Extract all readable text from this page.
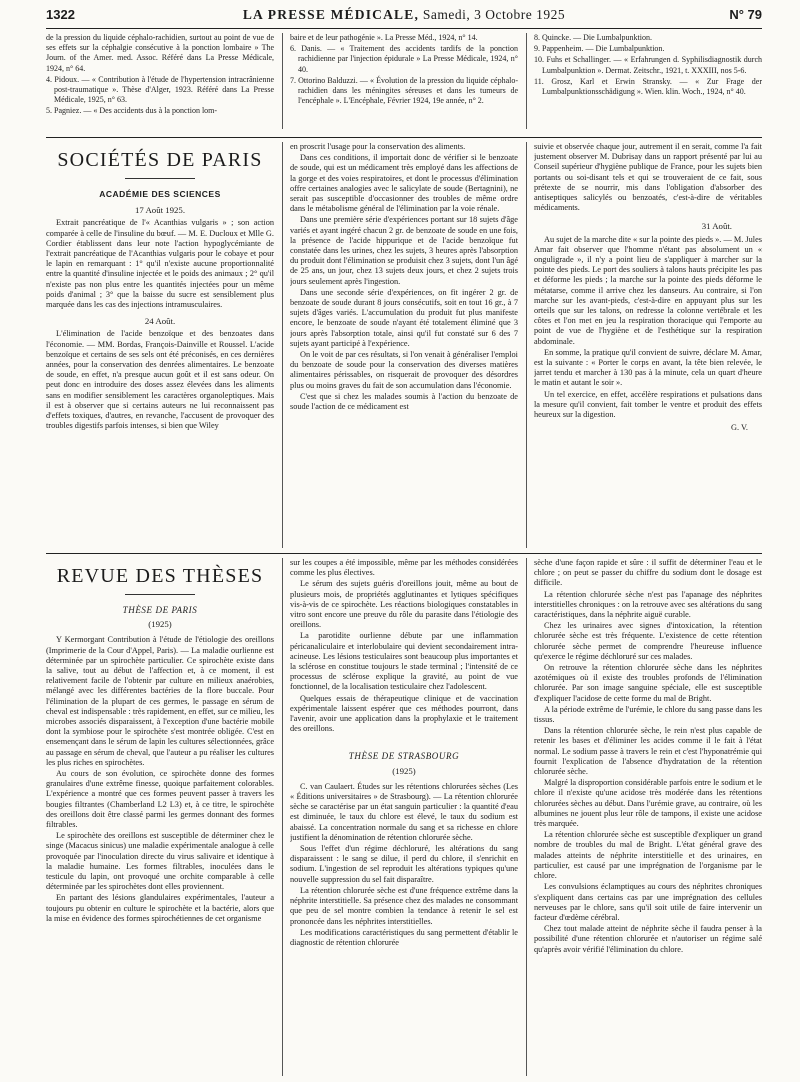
1322	LA PRESSE MÉDICALE, Samedi, 3 Octobre 1925	N° 79

de la pression du liquide céphalo-rachidien, surtout au point de vue de ses effets sur la céphalgie consécutive à la ponction lombaire » The Journ. of the Amer. med. Assoc. Référé dans La Presse Médicale, 1924, n° 64.

4. Pidoux. — « Contribution à l'étude de l'hypertension intracrânienne post-traumatique ». Thèse d'Alger, 1923. Référé dans La Presse Médicale, 1925, n° 63.

5. Pagniez. — « Des accidents dus à la ponction lom-

baire et de leur pathogénie ». La Presse Méd., 1924, n° 14.

6. Danis. — « Traitement des accidents tardifs de la ponction rachidienne par l'injection épidurale » La Presse Médicale, 1924, n° 40.

7. Ottorino Balduzzi. — « Évolution de la pression du liquide céphalo-rachidien dans les méningites séreuses et dans les tumeurs de l'encéphale ». L'Encéphale, Février 1924, 19e année, n° 2.

8. Quincke. — Die Lumbalpunktion.

9. Pappenheim. — Die Lumbalpunktion.

10. Fuhs et Schallinger. — « Erfahrungen d. Syphilisdiagnostik durch Lumbalpunktion ». Dermat. Zeitschr., 1921, t. XXXIII, nos 5-6.

11. Grosz, Karl et Erwin Stransky. — « Zur Frage der Lumbalpunktionsschädigung ». Wien. klin. Woch., 1924, n° 40.

SOCIÉTÉS DE PARIS
ACADÉMIE DES SCIENCES
17 Août 1925.

Extrait pancréatique de l'« Acanthias vulgaris » ; son action comparée à celle de l'insuline du bœuf. — M. E. Ducloux et Mlle G. Cordier établissent dans leur note l'action hypoglycémiante de l'extrait pancréatique de l'Acanthias vulgaris pour le cobaye et pour le lapin en remarquant : 1° qu'il n'existe aucune proportionnalité entre la quantité d'insuline injectée et le poids des animaux ; 2° qu'il n'existe pas non plus entre les quantités injectées pour un même poids d'animal ; 3° que la baisse du sucre est sensiblement plus marquée dans les cas des injections intramusculaires.

24 Août.

L'élimination de l'acide benzoïque et des benzoates dans l'économie. — MM. Bordas, François-Dainville et Roussel. L'acide benzoïque et certains de ses sels ont été préconisés, en ces dernières années, pour la conservation des denrées alimentaires. Le benzoate de soude, en effet, n'a presque aucun goût et il est sans odeur. On peut donc en introduire des doses assez élevées dans les aliments sans en modifier sensiblement les caractères organoleptiques. Mais il est à observer que si certains auteurs ne lui reconnaissent pas d'effets toxiques, d'autres, en revanche, l'accusent de provoquer des troubles digestifs parfois intenses, si bien que Wiley

en proscrit l'usage pour la conservation des aliments.

Dans ces conditions, il importait donc de vérifier si le benzoate de soude, qui est un médicament très employé dans les affections de la gorge et des voies respiratoires, et dont le processus d'élimination offre certaines analogies avec le salicylate de soude (Bertagnini), ne serait pas susceptible d'occasionner des troubles de même ordre dans le métabolisme général de l'élimination par la voie rénale.

Dans une première série d'expériences portant sur 18 sujets d'âge variés et ayant ingéré chacun 2 gr. de benzoate de soude en une fois, la présence de l'acide hippurique et de l'acide benzoïque fut constatée dans les urines, chez les sujets, 3 heures après l'absorption du produit dont l'élimination se produisit chez 3 sujets, dont l'un âgé de 25 ans, un jour, chez 13 sujets deux jours, et chez 2 sujets trois jours seulement après l'ingestion.

Dans une seconde série d'expériences, on fit ingérer 2 gr. de benzoate de soude durant 8 jours consécutifs, soit en tout 16 gr., à 7 sujets d'âges variés. L'accumulation du produit fut plus manifeste encore, le benzoate de soude n'ayant été totalement éliminé que 3 jours après l'absorption totale, ainsi qu'il fut constaté sur 6 des 7 sujets ayant participé à l'expérience.

On le voit de par ces résultats, si l'on venait à généraliser l'emploi du benzoate de soude pour la conservation des diverses matières alimentaires périssables, on risquerait de provoquer des désordres plus ou moins graves du fait de son accumulation dans l'économie.

C'est que si chez les malades soumis à l'action du benzoate de soude l'action de ce médicament est

suivie et observée chaque jour, autrement il en serait, comme l'a fait justement observer M. Dubrisay dans un rapport présenté par lui au Conseil supérieur d'hygiène publique de France, pour les sujets bien portants ou soi-disant tels et qui se trouveraient de ce fait, sous prétexte de se nourrir, mis dans l'obligation d'absorber des antiseptiques salicylés ou benzoatés, c'est-à-dire de véritables médicaments.

31 Août.

Au sujet de la marche dite « sur la pointe des pieds ». — M. Jules Amar fait observer que l'homme n'étant pas absolument un « onguligrade », il n'y a point lieu de s'appliquer à marcher sur la pointe des pieds. Le port des souliers à talons hauts précipite les pas et déforme les pieds ; la marche sur la pointe des pieds déforme le métatarse, comme il arrive chez les danseurs. Au contraire, si l'on marche sur les avant-pieds, c'est-à-dire en appuyant plus sur les orteils que sur les talons, on redresse la colonne vertébrale et les côtes et l'on met en jeu la respiration thoracique qui l'emporte au point de vue de l'hygiène et de l'esthétique sur la respiration abdominale.

En somme, la pratique qu'il convient de suivre, déclare M. Amar, est la suivante : « Porter le corps en avant, la tête bien relevée, le jarret tendu et marcher à 130 pas à la minute, cela un quart d'heure le matin et autant le soir ».

Un tel exercice, en effet, accélère respirations et pulsations dans la mesure qu'il convient, fait tomber le ventre et produit des effets heureux sur la digestion.

G. V.
REVUE DES THÈSES
THÈSE DE PARIS
(1925)

Y Kermorgant Contribution à l'étude de l'étiologie des oreillons (Imprimerie de la Cour d'Appel, Paris). — La maladie ourlienne est déterminée par un spirochète particulier. Ce spirochète existe dans la salive, tout au début de l'affection et, à ce moment, il est relativement facile de l'obtenir par culture en milieux anaérobies, mélangé avec les différentes bactéries de la flore buccale. Pour l'élimination de la plupart de ces germes, le passage en sérum de cheval est indispensable : très rapidement, en effet, sur ce milieu, les microbes associés disparaissent, à l'exception d'une bactérie mobile dont la symbiose pour le spirochète s'est montrée obligée. C'est en ensemençant dans le sérum de lapin les cultures sélectionnées, grâce au passage en sérum de cheval, que l'auteur a pu réaliser les cultures les plus riches en spirochètes.

Au cours de son évolution, ce spirochète donne des formes granulaires d'une extrême finesse, quoique parfaitement colorables. L'expérience a montré que ces formes peuvent passer à travers les bougies filtrantes (Chamberland L2 L3) et, à ce titre, le spirochète des oreillons doit être classé parmi les germes donnant des formes filtrables.

Le spirochète des oreillons est susceptible de déterminer chez le singe (Macacus sinicus) une maladie expérimentale analogue à celle provoquée par l'inoculation directe du virus salivaire et identique à la maladie humaine. Les formes filtrables, inoculées dans le testicule du lapin, ont provoqué une orchite comparable à celle déterminée par les spirochètes dont elles proviennent.

En partant des lésions glandulaires expérimentales, l'auteur a toujours pu obtenir en culture le spirochète et la bactérie, alors que la mise en évidence des formes spirochétiennes de cet organisme

sur les coupes a été impossible, même par les méthodes considérées comme les plus électives.

Le sérum des sujets guéris d'oreillons jouit, même au bout de plusieurs mois, de propriétés agglutinantes et lytiques spécifiques vis-à-vis de ce spirochète. Les réactions biologiques constatables in vitro sont encore une preuve du rôle du parasite dans l'étiologie des oreillons.

La parotidite ourlienne débute par une inflammation péricanaliculaire et interlobulaire qui devient secondairement intra-acineuse. Les lésions testiculaires sont beaucoup plus importantes et la sclérose en constitue toujours le stade terminal ; l'intensité de ce processus de sclérose explique la gravité, au point de vue fonctionnel, de la localisation testiculaire chez l'adolescent.

Quelques essais de thérapeutique clinique et de vaccination expérimentale laissent espérer que ces méthodes pourront, dans l'avenir, avoir une application dans la prophylaxie et le traitement des oreillons.

THÈSE DE STRASBOURG
(1925)

C. van Caulaert. Études sur les rétentions chlorurées sèches (Les « Éditions universitaires » de Strasbourg). — La rétention chlorurée sèche se caractérise par un état sanguin particulier : la quantité d'eau est diminuée, le taux du chlore est élevé, le taux du sodium est abaissé. La concentration normale du sang et sa richesse en chlore justifient la dénomination de rétention chlorurée sèche.

Sous l'effet d'un régime déchloruré, les altérations du sang disparaissent : le sang se dilue, il perd du chlore, il s'enrichit en sodium. L'ingestion de sel reproduit les altérations typiques qu'une nouvelle suppression du sel fait disparaître.

La rétention chlorurée sèche est d'une fréquence extrême dans la néphrite interstitielle. Sa présence chez des malades ne consommant que peu de sel montre combien la tendance à retenir le sel est prononcée dans les néphrites interstitielles.

Les modifications caractéristiques du sang permettent d'établir le diagnostic de rétention chlorurée

sèche d'une façon rapide et sûre : il suffit de déterminer l'eau et le chlore ; on peut se passer du chiffre du sodium dont le dosage est difficile.

La rétention chlorurée sèche n'est pas l'apanage des néphrites interstitielles chroniques : on la retrouve avec ses altérations du sang caractéristiques, dans la néphrite aiguë curable.

Chez les urinaires avec signes d'intoxication, la rétention chlorurée sèche est très fréquente. L'existence de cette rétention chlorurée sèche permet de comprendre l'heureuse influence qu'exerce le régime déchloruré sur ces malades.

On retrouve la rétention chlorurée sèche dans les néphrites azotémiques où il existe des troubles profonds de l'élimination chlorurée. Par son image sanguine spéciale, elle est susceptible d'expliquer l'acidose de cette forme du mal de Bright.

A la période extrême de l'urémie, le chlore du sang passe dans les tissus.

Dans la rétention chlorurée sèche, le rein n'est plus capable de retenir les bases et d'éliminer les acides comme il le fait à l'état normal. Le sodium passe à travers le rein et c'est l'hyponatrémie qui fournit l'explication de l'absence d'hydratation de la rétention chlorurée sèche.

Malgré la disproportion considérable parfois entre le sodium et le chlore il n'existe qu'une acidose très modérée dans les rétentions chlorurées sèches au début. Dans l'urémie grave, au contraire, où les albumines ne jouent plus leur rôle de tampons, il existe une acidose très marquée.

La rétention chlorurée sèche est susceptible d'expliquer un grand nombre de troubles du mal de Bright. L'état général grave des malades atteints de néphrite interstitielle et des urinaires, en particulier, est causé par une imprégnation de l'organisme par le chlore.

Les convulsions éclamptiques au cours des néphrites chroniques s'expliquent dans certains cas par une imprégnation des cellules nerveuses par le chlore, sans qu'il soit utile de faire intervenir un facteur d'œdème cérébral.

Chez tout malade atteint de néphrite sèche il faudra penser à la possibilité d'une rétention chlorurée et n'autoriser un régime salé qu'après avoir vérifié l'élimination du chlore.
